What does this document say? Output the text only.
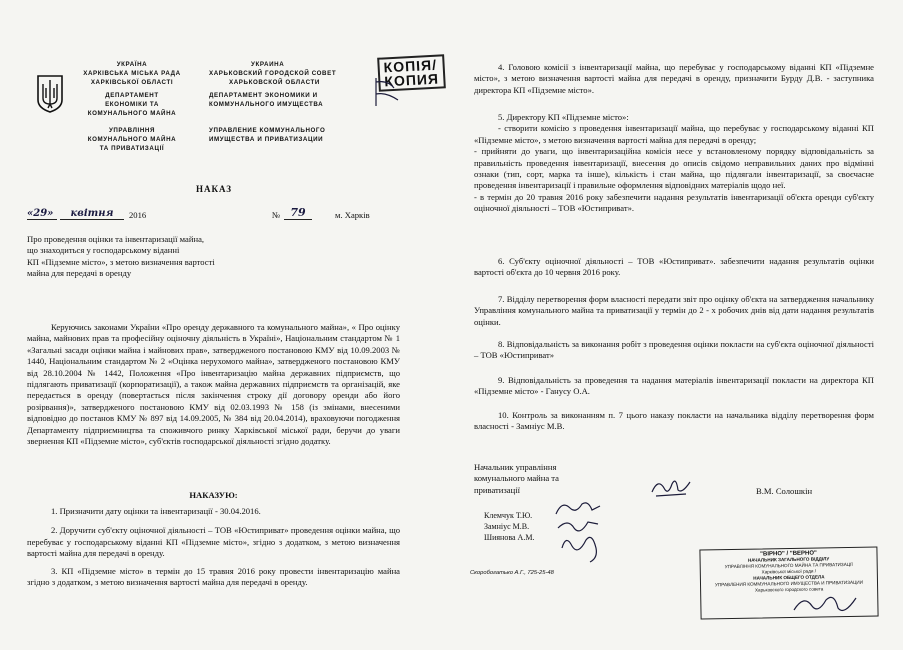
УКРАЇНА
ХАРКІВСЬКА МІСЬКА РАДА
ХАРКІВСЬКОЇ ОБЛАСТІ
ДЕПАРТАМЕНТ
ЕКОНОМІКИ ТА
КОМУНАЛЬНОГО МАЙНА
УПРАВЛІННЯ
КОМУНАЛЬНОГО МАЙНА
ТА ПРИВАТИЗАЦІЇ
УКРАИНА
ХАРЬКОВСКИЙ ГОРОДСКОЙ СОВЕТ
ХАРЬКОВСКОЙ ОБЛАСТИ
ДЕПАРТАМЕНТ ЭКОНОМИКИ И
КОММУНАЛЬНОГО ИМУЩЕСТВА
УПРАВЛЕНИЕ КОММУНАЛЬНОГО
ИМУЩЕСТВА И ПРИВАТИЗАЦИИ
КОПІЯ/
КОПИЯ
НАКАЗ
«29»	квітня	2016	№ 79	м. Харків
Про проведення оцінки та інвентаризації майна,
що знаходиться у господарському віданні
КП «Підземне місто», з метою визначення вартості
майна для передачі в оренду
Керуючись законами України «Про оренду державного та комунального майна», « Про оцінку майна, майнових прав та професійну оціночну діяльність в Україні», Національним стандартом № 1 «Загальні засади оцінки майна і майнових прав», затвердженого постановою КМУ від 10.09.2003 № 1440, Національним стандартом № 2 «Оцінка нерухомого майна», затвердженого постановою КМУ від 28.10.2004 № 1442, Положення «Про інвентаризацію майна державних підприємств, що підлягають приватизації (корпоратизації), а також майна державних підприємств та організацій, яке передається в оренду (повертається після закінчення строку дії договору оренди або його розірвання)», затвердженого постановою КМУ від 02.03.1993 № 158 (із змінами, внесеними відповідно до постанов КМУ № 897 від 14.09.2005, № 384 від 20.04.2014), враховуючи погодження Департаменту підприємництва та споживчого ринку Харківської міської ради, беручи до уваги звернення КП «Підземне місто», суб'єктів господарської діяльності згідно додатку.
НАКАЗУЮ:

1. Призначити дату оцінки та інвентаризації - 30.04.2016.

2. Доручити суб'єкту оціночної діяльності – ТОВ «Юстиприват» проведення оцінки майна, що перебуває у господарському віданні КП «Підземне місто», згідно з додатком, з метою визначення вартості майна для передачі в оренду.

3. КП «Підземне місто» в термін до 15 травня 2016 року провести інвентаризацію майна згідно з додатком, з метою визначення вартості майна для передачі в оренду.

4. Головою комісії з інвентаризації майна, що перебуває у господарському віданні КП «Підземне місто», з метою визначення вартості майна для передачі в оренду, призначити Бурду Д.В. - заступника директора КП «Підземне місто».

5. Директору КП «Підземне місто»:

- створити комісію з проведення інвентаризації майна, що перебуває у господарському віданні КП «Підземне місто», з метою визначення вартості майна для передачі в оренду;

- прийняти до уваги, що інвентаризаційна комісія несе у встановленому порядку відповідальність за правильність проведення інвентаризації, внесення до описів свідомо неправильних даних про відмінні ознаки (тип, сорт, марка та інше), кількість і стан майна, що підлягали інвентаризації, за своєчасне проведення інвентаризації і правильне оформлення відповідних матеріалів щодо неї.

- в термін до 20 травня 2016 року забезпечити надання результатів інвентаризації об'єкта оренди суб'єкту оціночної діяльності – ТОВ «Юстиприват».

6. Суб'єкту оціночної діяльності – ТОВ «Юстиприват». забезпечити надання результатів оцінки вартості об'єкта до 10 червня 2016 року.

7. Відділу перетворення форм власності передати звіт про оцінку об'єкта на затвердження начальнику Управління комунального майна та приватизації у термін до 2 - х робочих днів від дати надання результатів оцінки.

8. Відповідальність за виконання робіт з проведення оцінки покласти на суб'єкта оціночної діяльності – ТОВ «Юстиприват»

9. Відповідальність за проведення та надання матеріалів інвентаризації покласти на директора КП «Підземне місто» - Ганусу О.А.

10. Контроль за виконанням п. 7 цього наказу покласти на начальника відділу перетворення форм власності - Замніус М.В.

Начальник управління
комунального майна та
приватизації	В.М. Солошкін
Клемчук Т.Ю.
Замніус М.В.
Шиянова А.М.
Скоробогатько А.Г., 725-25-48
"ВІРНО" / "ВЕРНО"
НАЧАЛЬНИК ЗАГАЛЬНОГО ВІДДІЛУ
УПРАВЛІННЯ КОМУНАЛЬНОГО МАЙНА ТА ПРИВАТИЗАЦІЇ
Харківської міської ради /
НАЧАЛЬНИК ОБЩЕГО ОТДЕЛА
УПРАВЛЕНИЯ КОММУНАЛЬНОГО ИМУЩЕСТВА И ПРИВАТИЗАЦИИ
Харьковского городского совета
